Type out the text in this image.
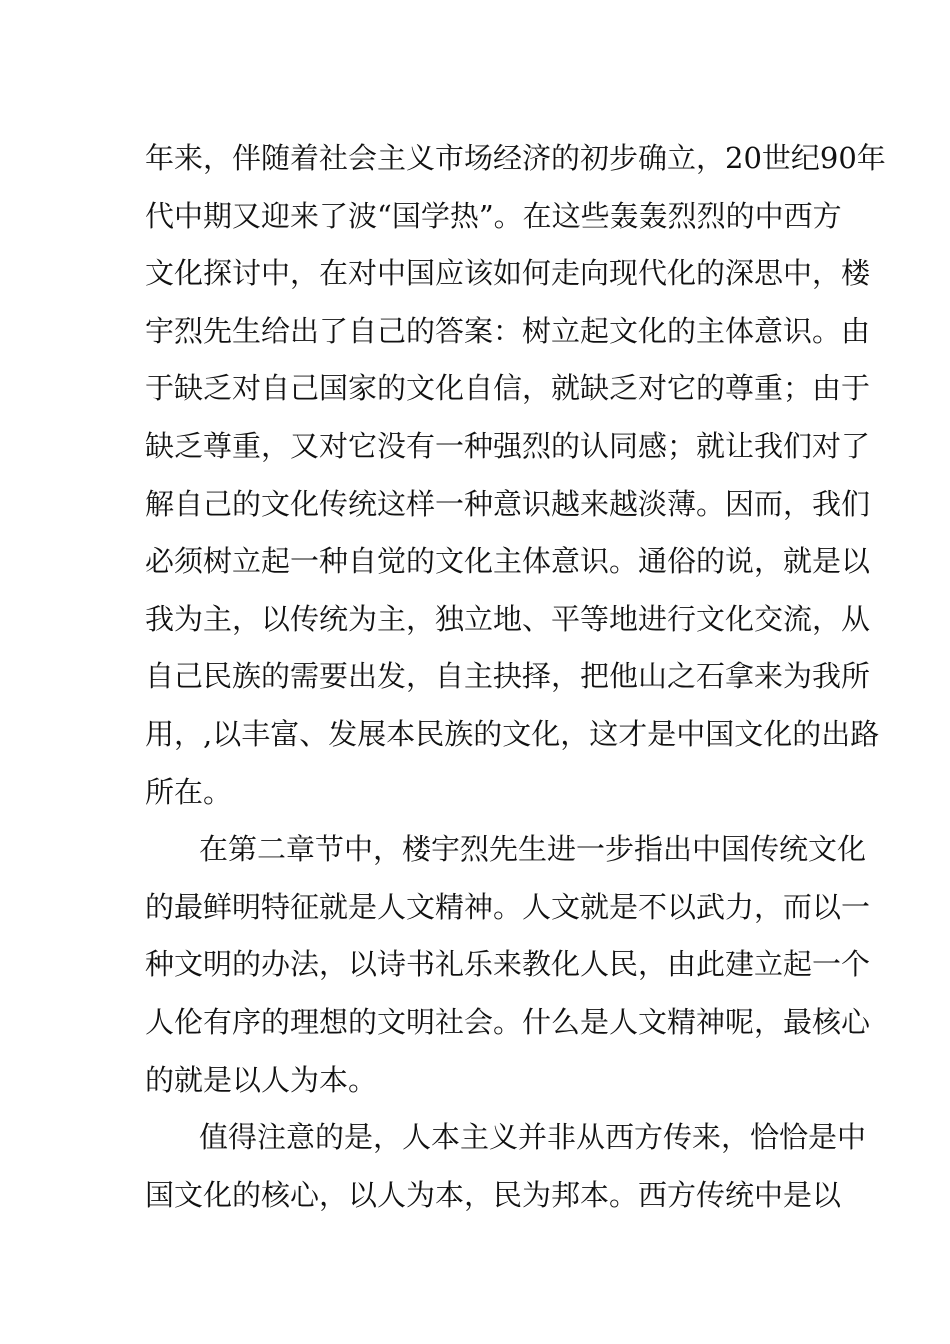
年来，伴随着社会主义市场经济的初步确立，20世纪90年
代中期又迎来了波“国学热”。在这些轰轰烈烈的中西方
文化探讨中，在对中国应该如何走向现代化的深思中，楼
宇烈先生给出了自己的答案：树立起文化的主体意识。由
于缺乏对自己国家的文化自信，就缺乏对它的尊重；由于
缺乏尊重，又对它没有一种强烈的认同感；就让我们对了
解自己的文化传统这样一种意识越来越淡薄。因而，我们
必须树立起一种自觉的文化主体意识。通俗的说，就是以
我为主，以传统为主，独立地、平等地进行文化交流，从
自己民族的需要出发，自主抉择，把他山之石拿来为我所
用，,以丰富、发展本民族的文化，这才是中国文化的出路
所在。
在第二章节中，楼宇烈先生进一步指出中国传统文化
的最鲜明特征就是人文精神。人文就是不以武力，而以一
种文明的办法，以诗书礼乐来教化人民，由此建立起一个
人伦有序的理想的文明社会。什么是人文精神呢，最核心
的就是以人为本。
值得注意的是，人本主义并非从西方传来，恰恰是中
国文化的核心，以人为本，民为邦本。西方传统中是以
